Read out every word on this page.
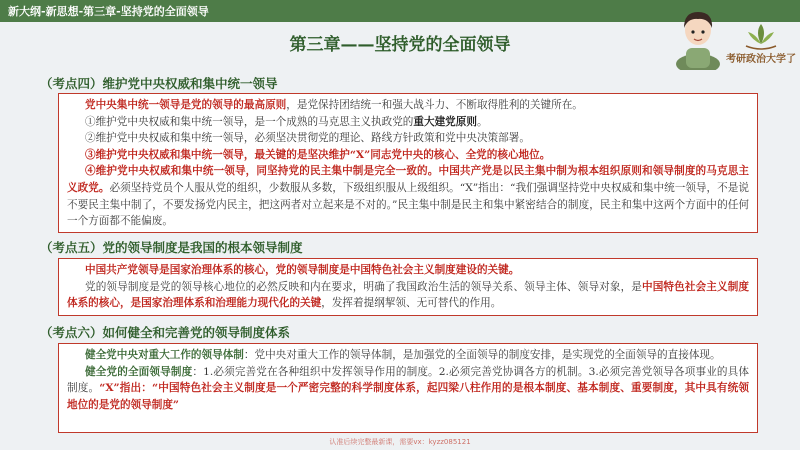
新大纲-新思想-第三章-坚持党的全面领导
考研政治大学了
第三章——坚持党的全面领导
（考点四）维护党中央权威和集中统一领导

党中央集中统一领导是党的领导的最高原则，是党保持团结统一和强大战斗力、不断取得胜利的关键所在。

①维护党中央权威和集中统一领导，是一个成熟的马克思主义执政党的重大建党原则。

②维护党中央权威和集中统一领导，必须坚决贯彻党的理论、路线方针政策和党中央决策部署。

③维护党中央权威和集中统一领导，最关键的是坚决维护“X”同志党中央的核心、全党的核心地位。

④维护党中央权威和集中统一领导，同坚持党的民主集中制是完全一致的。中国共产党是以民主集中制为根本组织原则和领导制度的马克思主义政党。必须坚持党员个人服从党的组织，少数服从多数，下级组织服从上级组织。“X”指出：“我们强调坚持党中央权威和集中统一领导，不是说不要民主集中制了，不要发扬党内民主，把这两者对立起来是不对的。”民主集中制是民主和集中紧密结合的制度，民主和集中这两个方面中的任何一个方面都不能偏废。

（考点五）党的领导制度是我国的根本领导制度

中国共产党领导是国家治理体系的核心，党的领导制度是中国特色社会主义制度建设的关键。

党的领导制度是党的领导核心地位的必然反映和内在要求，明确了我国政治生活的领导关系、领导主体、领导对象，是中国特色社会主义制度体系的核心，是国家治理体系和治理能力现代化的关键，发挥着提纲挈领、无可替代的作用。

（考点六）如何健全和完善党的领导制度体系

健全党中央对重大工作的领导体制：党中央对重大工作的领导体制，是加强党的全面领导的制度安排，是实现党的全面领导的直接体现。

健全党的全面领导制度：1.必须完善党在各种组织中发挥领导作用的制度。2.必须完善党协调各方的机制。3.必须完善党领导各项事业的具体制度。“X”指出：“中国特色社会主义制度是一个严密完整的科学制度体系，起四梁八柱作用的是根本制度、基本制度、重要制度，其中具有统领地位的是党的领导制度”

认准后续完整最新课，需要vx：kyzz085121
